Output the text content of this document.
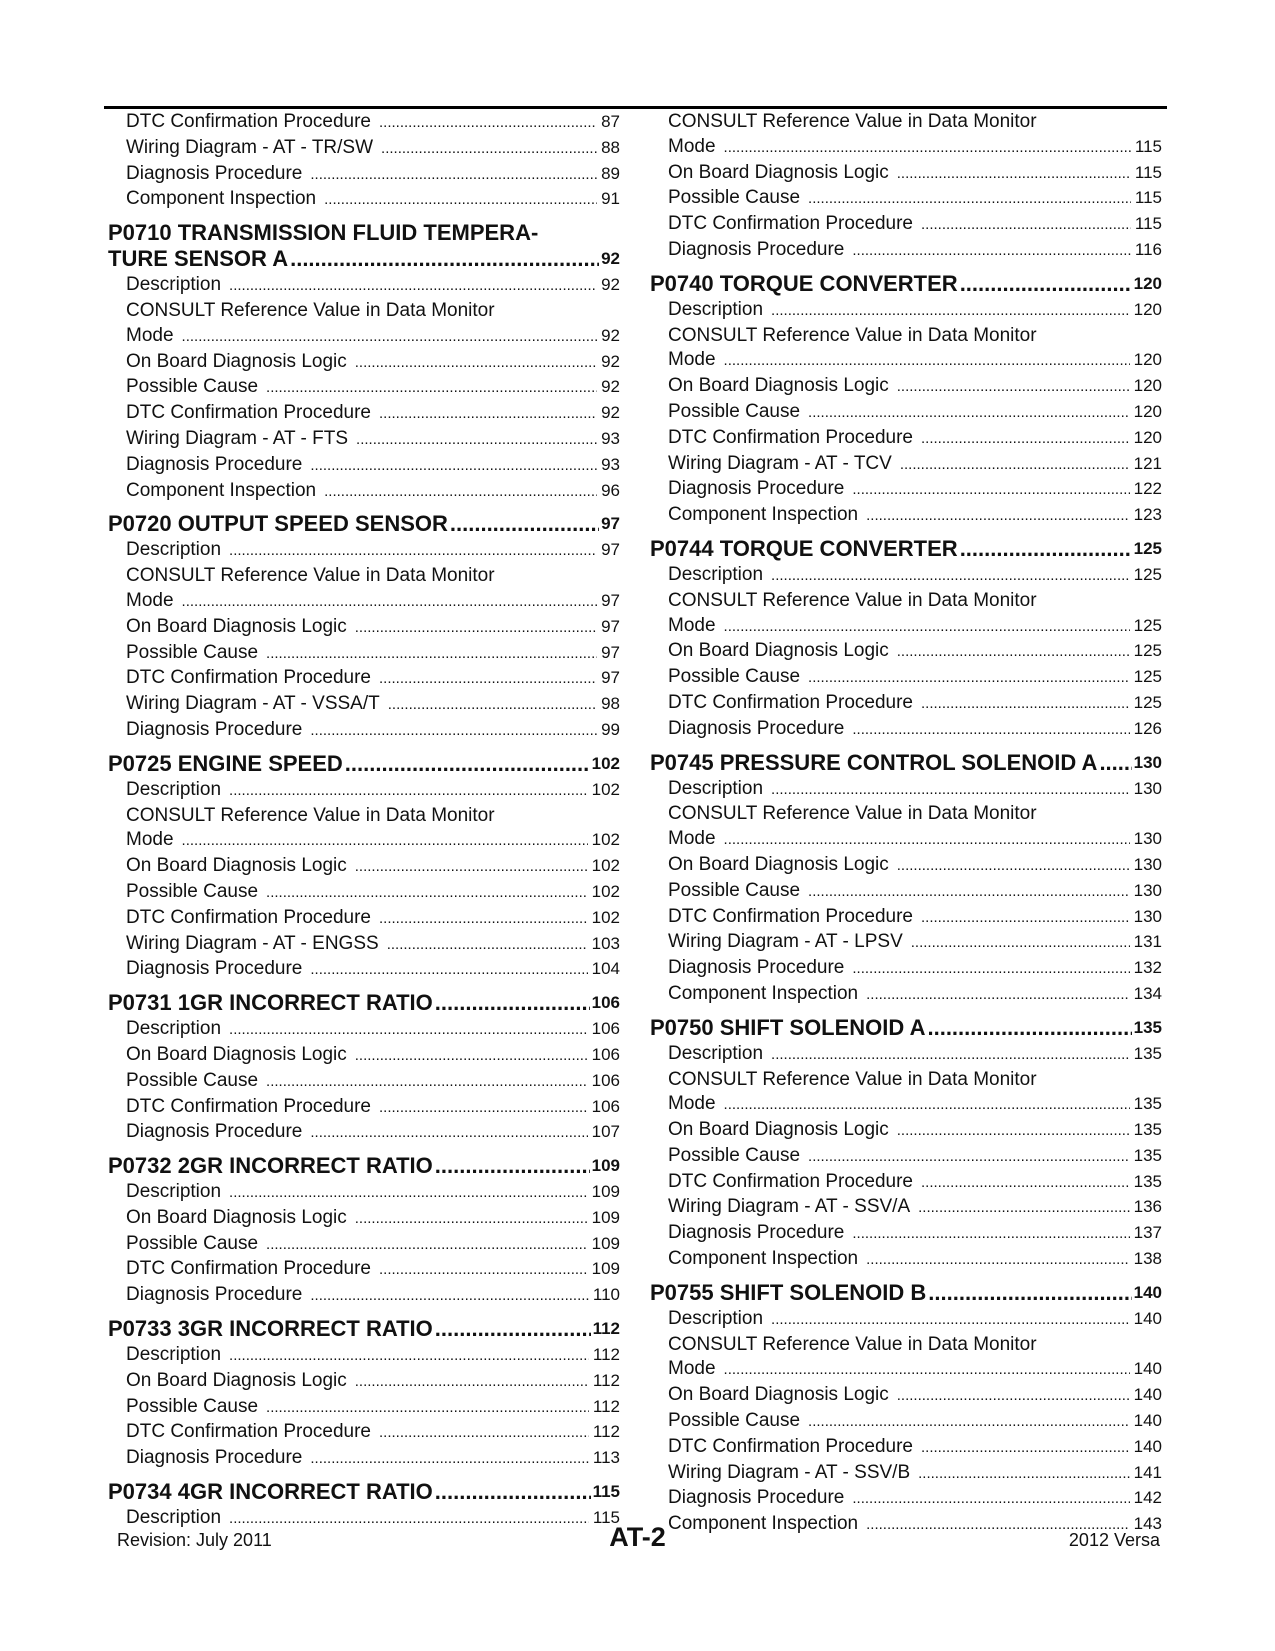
DTC Confirmation Procedure .....	87
Wiring Diagram - AT - TR/SW .....	88
Diagnosis Procedure .....	89
Component Inspection .....	91
P0710 TRANSMISSION FLUID TEMPERA-
TURE SENSOR A .....	92
Description .....	92
CONSULT Reference Value in Data Monitor
Mode .....	92
On Board Diagnosis Logic .....	92
Possible Cause .....	92
DTC Confirmation Procedure .....	92
Wiring Diagram - AT - FTS .....	93
Diagnosis Procedure .....	93
Component Inspection .....	96
P0720 OUTPUT SPEED SENSOR .....	97
Description .....	97
CONSULT Reference Value in Data Monitor
Mode .....	97
On Board Diagnosis Logic .....	97
Possible Cause .....	97
DTC Confirmation Procedure .....	97
Wiring Diagram - AT - VSSA/T .....	98
Diagnosis Procedure .....	99
P0725 ENGINE SPEED .....	102
Description .....	102
CONSULT Reference Value in Data Monitor
Mode .....	102
On Board Diagnosis Logic .....	102
Possible Cause .....	102
DTC Confirmation Procedure .....	102
Wiring Diagram - AT - ENGSS .....	103
Diagnosis Procedure .....	104
P0731 1GR INCORRECT RATIO .....	106
Description .....	106
On Board Diagnosis Logic .....	106
Possible Cause .....	106
DTC Confirmation Procedure .....	106
Diagnosis Procedure .....	107
P0732 2GR INCORRECT RATIO .....	109
Description .....	109
On Board Diagnosis Logic .....	109
Possible Cause .....	109
DTC Confirmation Procedure .....	109
Diagnosis Procedure .....	110
P0733 3GR INCORRECT RATIO .....	112
Description .....	112
On Board Diagnosis Logic .....	112
Possible Cause .....	112
DTC Confirmation Procedure .....	112
Diagnosis Procedure .....	113
P0734 4GR INCORRECT RATIO .....	115
Description .....	115
CONSULT Reference Value in Data Monitor
Mode .....	115
On Board Diagnosis Logic .....	115
Possible Cause .....	115
DTC Confirmation Procedure .....	115
Diagnosis Procedure .....	116
P0740 TORQUE CONVERTER .....	120
Description .....	120
CONSULT Reference Value in Data Monitor
Mode .....	120
On Board Diagnosis Logic .....	120
Possible Cause .....	120
DTC Confirmation Procedure .....	120
Wiring Diagram - AT - TCV .....	121
Diagnosis Procedure .....	122
Component Inspection .....	123
P0744 TORQUE CONVERTER .....	125
Description .....	125
CONSULT Reference Value in Data Monitor
Mode .....	125
On Board Diagnosis Logic .....	125
Possible Cause .....	125
DTC Confirmation Procedure .....	125
Diagnosis Procedure .....	126
P0745 PRESSURE CONTROL SOLENOID A ..... 130
Description .....	130
CONSULT Reference Value in Data Monitor
Mode .....	130
On Board Diagnosis Logic .....	130
Possible Cause .....	130
DTC Confirmation Procedure .....	130
Wiring Diagram - AT - LPSV .....	131
Diagnosis Procedure .....	132
Component Inspection .....	134
P0750 SHIFT SOLENOID A .....	135
Description .....	135
CONSULT Reference Value in Data Monitor
Mode .....	135
On Board Diagnosis Logic .....	135
Possible Cause .....	135
DTC Confirmation Procedure .....	135
Wiring Diagram - AT - SSV/A .....	136
Diagnosis Procedure .....	137
Component Inspection .....	138
P0755 SHIFT SOLENOID B .....	140
Description .....	140
CONSULT Reference Value in Data Monitor
Mode .....	140
On Board Diagnosis Logic .....	140
Possible Cause .....	140
DTC Confirmation Procedure .....	140
Wiring Diagram - AT - SSV/B .....	141
Diagnosis Procedure .....	142
Component Inspection .....	143
Revision: July 2011	AT-2	2012 Versa
